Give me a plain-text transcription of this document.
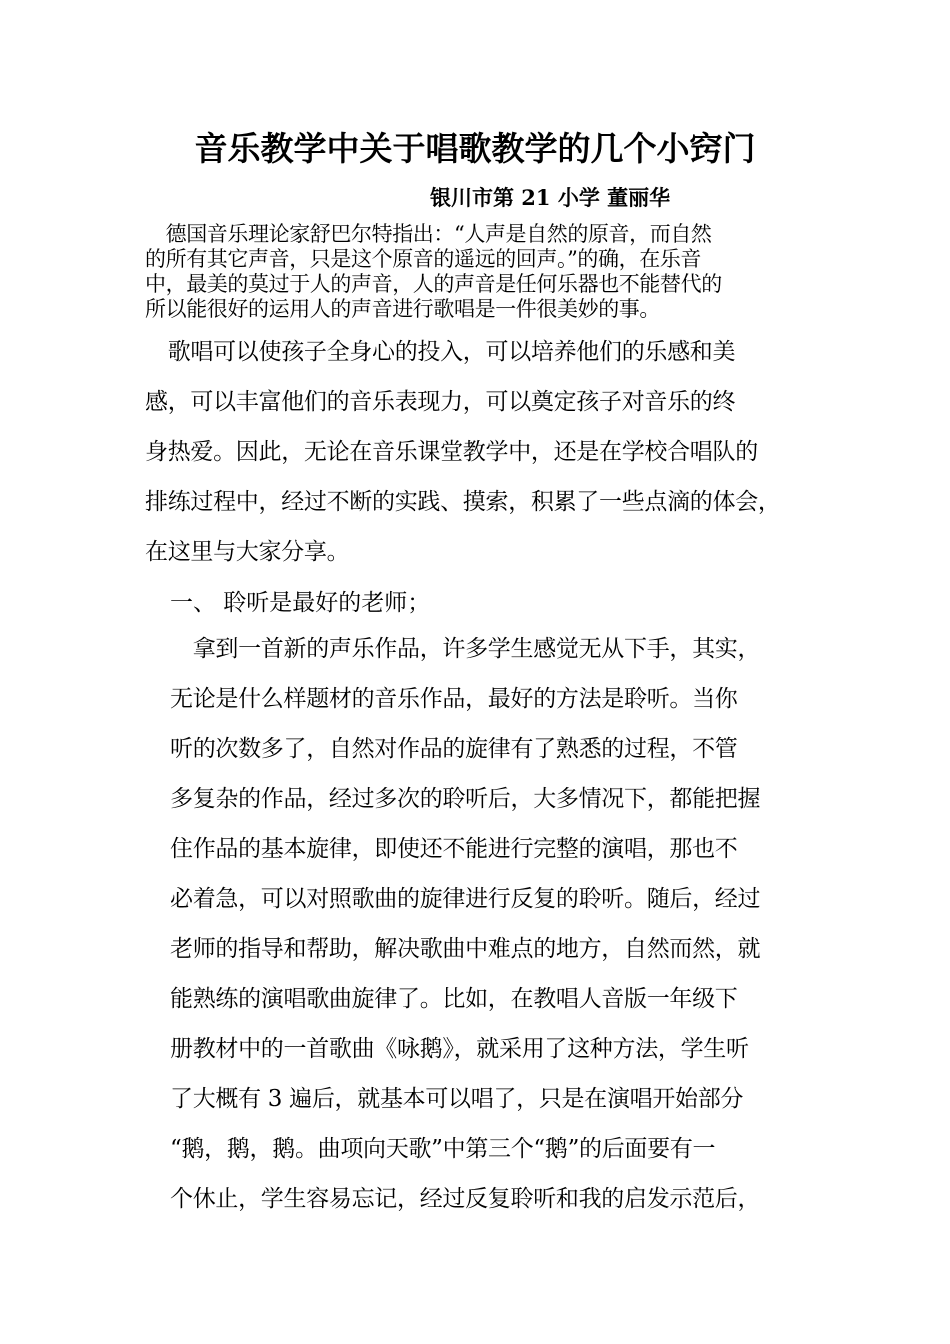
音乐教学中关于唱歌教学的几个小窍门
银川市第 21 小学 董丽华
　德国音乐理论家舒巴尔特指出：“人声是自然的原音，而自然
的所有其它声音，只是这个原音的遥远的回声。”的确，在乐音
中，最美的莫过于人的声音，人的声音是任何乐器也不能替代的
所以能很好的运用人的声音进行歌唱是一件很美妙的事。
　歌唱可以使孩子全身心的投入，可以培养他们的乐感和美
感，可以丰富他们的音乐表现力，可以奠定孩子对音乐的终
身热爱。因此，无论在音乐课堂教学中，还是在学校合唱队的
排练过程中，经过不断的实践、摸索，积累了一些点滴的体会，
在这里与大家分享。
一、 聆听是最好的老师；
　拿到一首新的声乐作品，许多学生感觉无从下手，其实，
无论是什么样题材的音乐作品，最好的方法是聆听。当你
听的次数多了，自然对作品的旋律有了熟悉的过程，不管
多复杂的作品，经过多次的聆听后，大多情况下，都能把握
住作品的基本旋律，即使还不能进行完整的演唱，那也不
必着急，可以对照歌曲的旋律进行反复的聆听。随后，经过
老师的指导和帮助，解决歌曲中难点的地方，自然而然，就
能熟练的演唱歌曲旋律了。比如，在教唱人音版一年级下
册教材中的一首歌曲《咏鹅》，就采用了这种方法，学生听
了大概有 3 遍后，就基本可以唱了，只是在演唱开始部分
“鹅，鹅，鹅。曲项向天歌”中第三个“鹅”的后面要有一
个休止，学生容易忘记，经过反复聆听和我的启发示范后，
